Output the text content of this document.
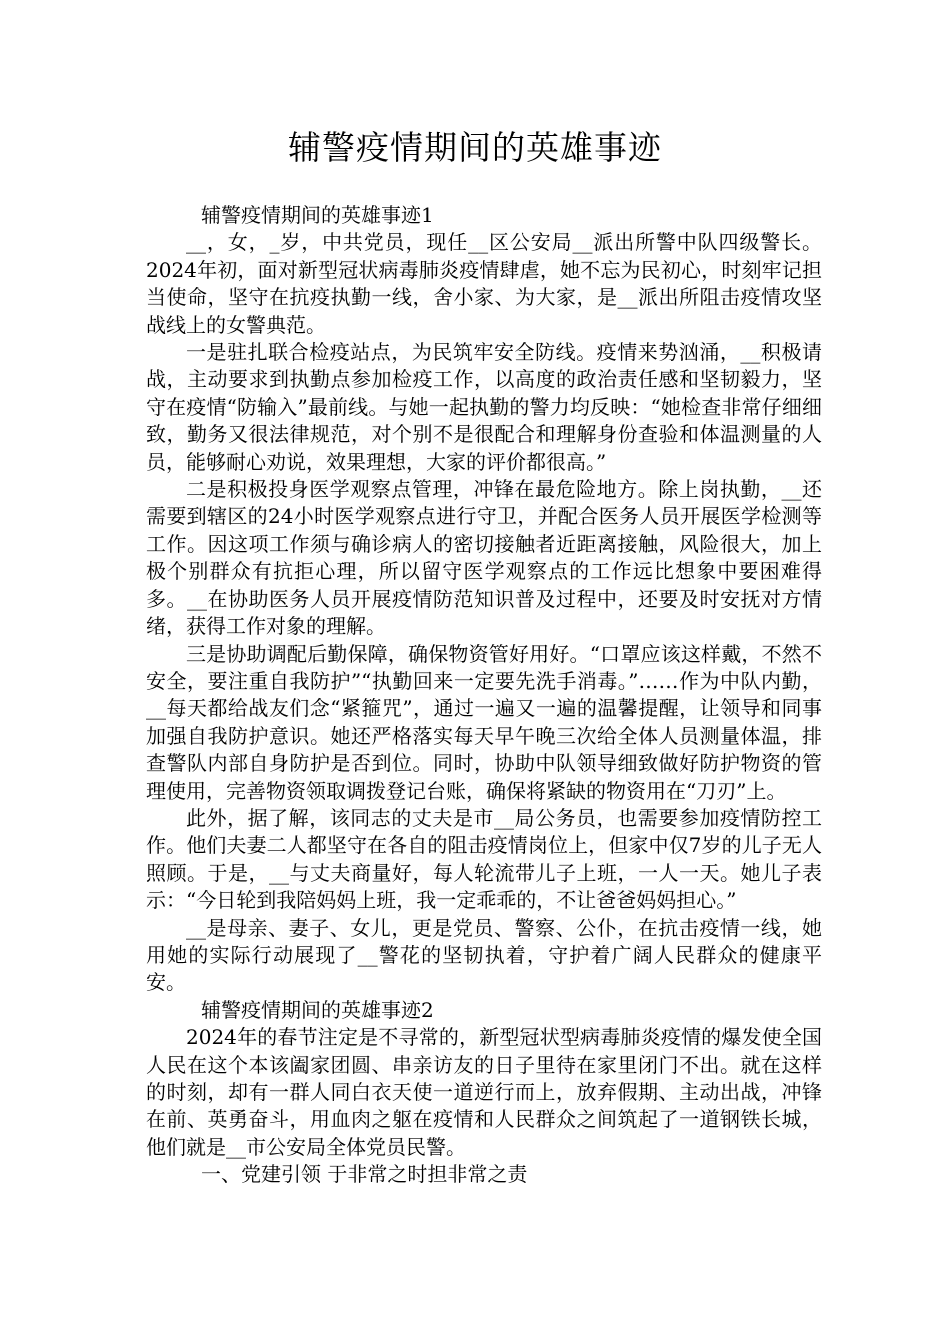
辅警疫情期间的英雄事迹

辅警疫情期间的英雄事迹1

__，女，_岁，中共党员，现任__区公安局__派出所警中队四级警长。2024年初，面对新型冠状病毒肺炎疫情肆虐，她不忘为民初心，时刻牢记担当使命，坚守在抗疫执勤一线，舍小家、为大家，是__派出所阻击疫情攻坚战线上的女警典范。

一是驻扎联合检疫站点，为民筑牢安全防线。疫情来势汹涌，__积极请战，主动要求到执勤点参加检疫工作，以高度的政治责任感和坚韧毅力，坚守在疫情“防输入”最前线。与她一起执勤的警力均反映：“她检查非常仔细细致，勤务又很法律规范，对个别不是很配合和理解身份查验和体温测量的人员，能够耐心劝说，效果理想，大家的评价都很高。”

二是积极投身医学观察点管理，冲锋在最危险地方。除上岗执勤，__还需要到辖区的24小时医学观察点进行守卫，并配合医务人员开展医学检测等工作。因这项工作须与确诊病人的密切接触者近距离接触，风险很大，加上极个别群众有抗拒心理，所以留守医学观察点的工作远比想象中要困难得多。__在协助医务人员开展疫情防范知识普及过程中，还要及时安抚对方情绪，获得工作对象的理解。

三是协助调配后勤保障，确保物资管好用好。“口罩应该这样戴，不然不安全，要注重自我防护”“执勤回来一定要先洗手消毒。”……作为中队内勤，__每天都给战友们念“紧箍咒”，通过一遍又一遍的温馨提醒，让领导和同事加强自我防护意识。她还严格落实每天早午晚三次给全体人员测量体温，排查警队内部自身防护是否到位。同时，协助中队领导细致做好防护物资的管理使用，完善物资领取调拨登记台账，确保将紧缺的物资用在“刀刃”上。

此外，据了解，该同志的丈夫是市__局公务员，也需要参加疫情防控工作。他们夫妻二人都坚守在各自的阻击疫情岗位上，但家中仅7岁的儿子无人照顾。于是，__与丈夫商量好，每人轮流带儿子上班，一人一天。她儿子表示：“今日轮到我陪妈妈上班，我一定乖乖的，不让爸爸妈妈担心。”

__是母亲、妻子、女儿，更是党员、警察、公仆，在抗击疫情一线，她用她的实际行动展现了__警花的坚韧执着，守护着广阔人民群众的健康平安。

辅警疫情期间的英雄事迹2

2024年的春节注定是不寻常的，新型冠状型病毒肺炎疫情的爆发使全国人民在这个本该阖家团圆、串亲访友的日子里待在家里闭门不出。就在这样的时刻，却有一群人同白衣天使一道逆行而上，放弃假期、主动出战，冲锋在前、英勇奋斗，用血肉之躯在疫情和人民群众之间筑起了一道钢铁长城，他们就是__市公安局全体党员民警。

一、党建引领 于非常之时担非常之责
